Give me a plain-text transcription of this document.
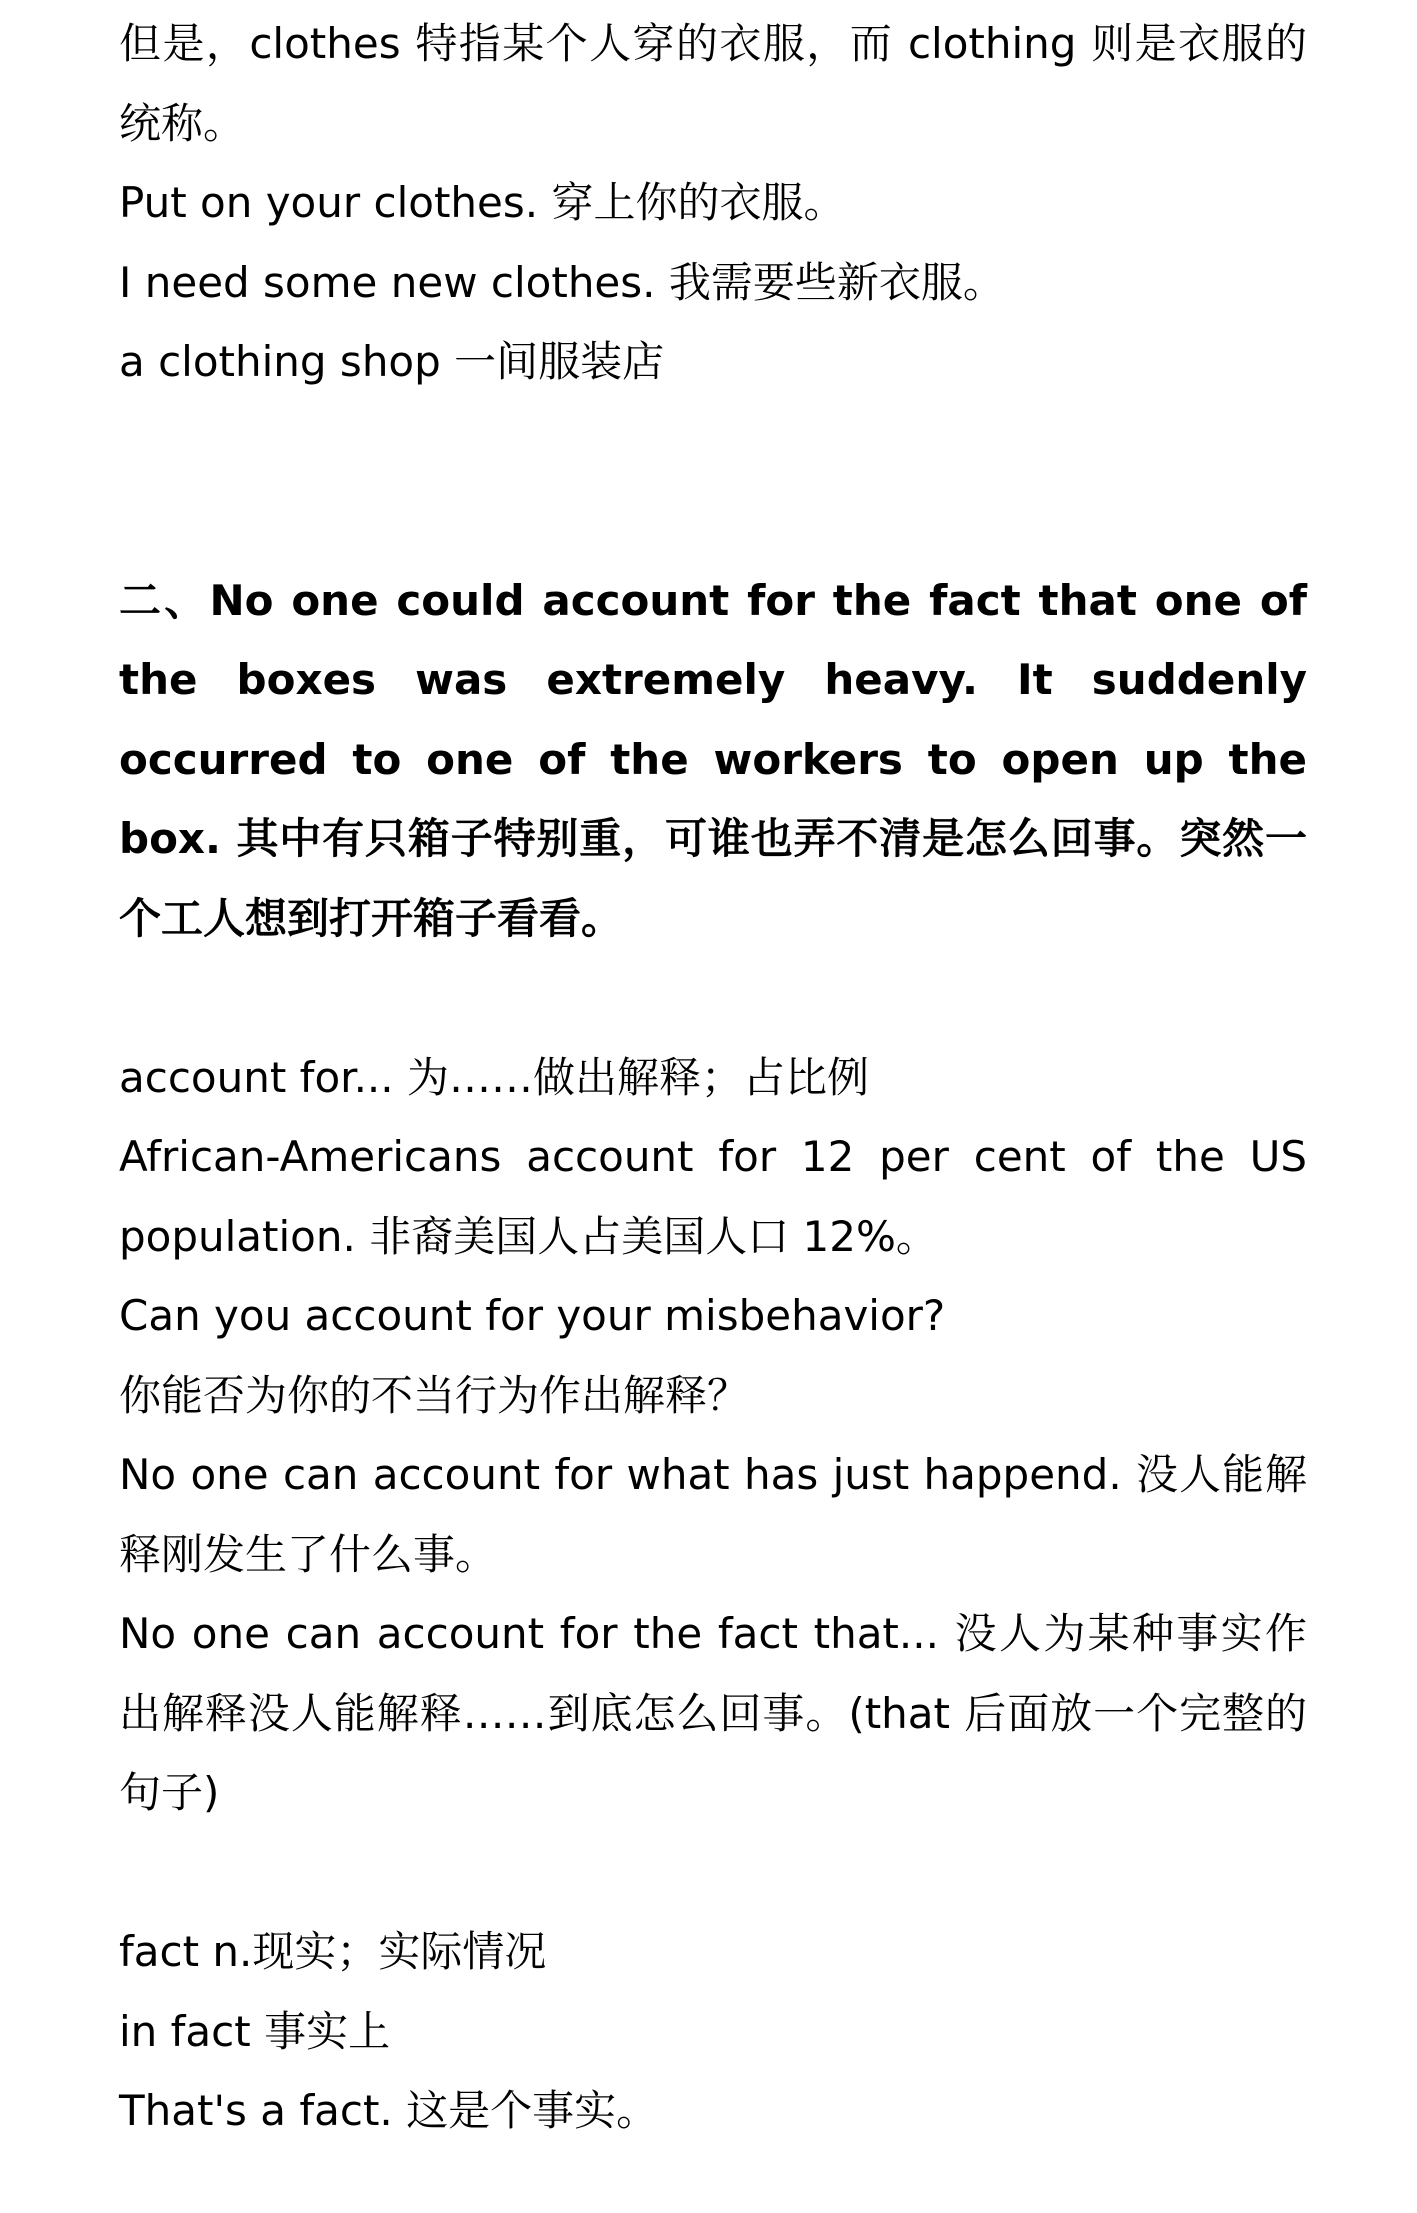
但是，clothes 特指某个人穿的衣服，而 clothing 则是衣服的统称。

Put on your clothes. 穿上你的衣服。

I need some new clothes. 我需要些新衣服。

a clothing shop 一间服装店

二、No one could account for the fact that one of the boxes was extremely heavy. It suddenly occurred to one of the workers to open up the box. 其中有只箱子特别重，可谁也弄不清是怎么回事。突然一个工人想到打开箱子看看。

account for... 为……做出解释；占比例

African-Americans account for 12 per cent of the US population. 非裔美国人占美国人口 12%。

Can you account for your misbehavior?

你能否为你的不当行为作出解释？

No one can account for what has just happend. 没人能解释刚发生了什么事。

No one can account for the fact that... 没人为某种事实作出解释没人能解释……到底怎么回事。(that 后面放一个完整的句子)

fact n.现实；实际情况

in fact 事实上

That's a fact. 这是个事实。
